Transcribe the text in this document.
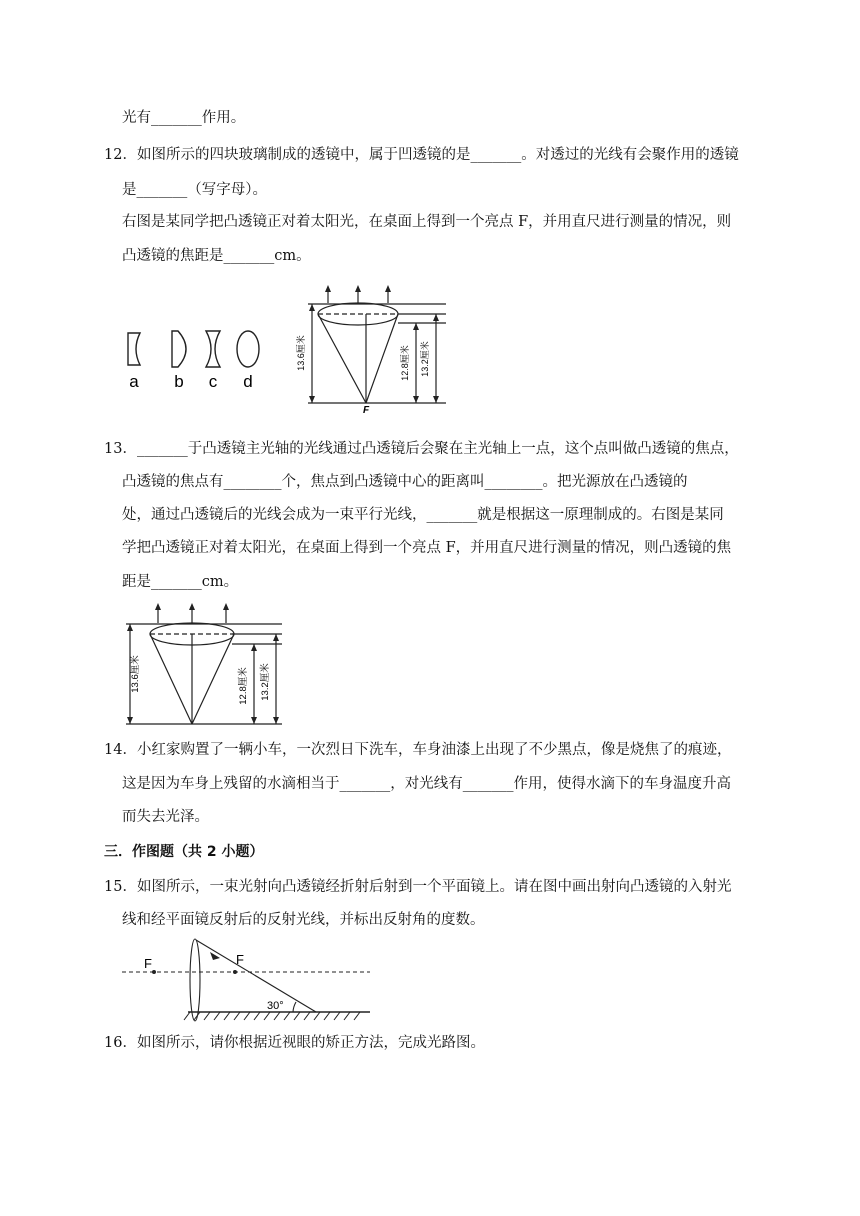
光有_______作用。
12．如图所示的四块玻璃制成的透镜中，属于凹透镜的是_______。对透过的光线有会聚作用的透镜
是_______（写字母）。
右图是某同学把凸透镜正对着太阳光，在桌面上得到一个亮点 F，并用直尺进行测量的情况，则
凸透镜的焦距是_______cm。
a b c d
F
13.6厘米	12.8厘米 13.2厘米
13．_______于凸透镜主光轴的光线通过凸透镜后会聚在主光轴上一点，这个点叫做凸透镜的焦点，
凸透镜的焦点有________个，焦点到凸透镜中心的距离叫________。把光源放在凸透镜的
处，通过凸透镜后的光线会成为一束平行光线，_______就是根据这一原理制成的。右图是某同
学把凸透镜正对着太阳光，在桌面上得到一个亮点 F，并用直尺进行测量的情况，则凸透镜的焦
距是_______cm。
13.6厘米	12.8厘米 13.2厘米
14．小红家购置了一辆小车，一次烈日下洗车，车身油漆上出现了不少黑点，像是烧焦了的痕迹，
这是因为车身上残留的水滴相当于_______，对光线有_______作用，使得水滴下的车身温度升高
而失去光泽。
三．作图题（共 2 小题）
15．如图所示，一束光射向凸透镜经折射后射到一个平面镜上。请在图中画出射向凸透镜的入射光
线和经平面镜反射后的反射光线，并标出反射角的度数。
F	F
30°
16．如图所示，请你根据近视眼的矫正方法，完成光路图。
